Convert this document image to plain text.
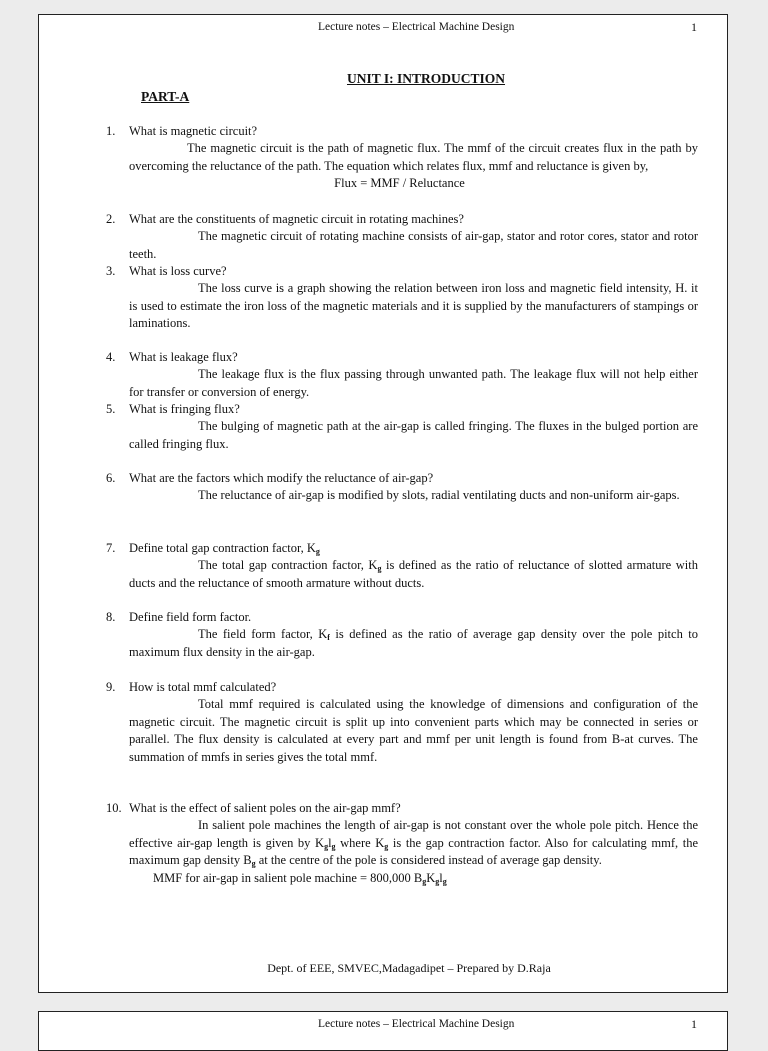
Lecture notes – Electrical Machine Design	1
UNIT I: INTRODUCTION
PART-A
1. What is magnetic circuit?
The magnetic circuit is the path of magnetic flux. The mmf of the circuit creates flux in the path by overcoming the reluctance of the path. The equation which relates flux, mmf and reluctance is given by,
Flux = MMF / Reluctance
2. What are the constituents of magnetic circuit in rotating machines?
The magnetic circuit of rotating machine consists of air-gap, stator and rotor cores, stator and rotor teeth.
3. What is loss curve?
The loss curve is a graph showing the relation between iron loss and magnetic field intensity, H. it is used to estimate the iron loss of the magnetic materials and it is supplied by the manufacturers of stampings or laminations.
4. What is leakage flux?
The leakage flux is the flux passing through unwanted path. The leakage flux will not help either for transfer or conversion of energy.
5. What is fringing flux?
The bulging of magnetic path at the air-gap is called fringing. The fluxes in the bulged portion are called fringing flux.
6. What are the factors which modify the reluctance of air-gap?
The reluctance of air-gap is modified by slots, radial ventilating ducts and non-uniform air-gaps.
7. Define total gap contraction factor, $K_g$
The total gap contraction factor, $K_g$ is defined as the ratio of reluctance of slotted armature with ducts and the reluctance of smooth armature without ducts.
8. Define field form factor.
The field form factor, $K_f$ is defined as the ratio of average gap density over the pole pitch to maximum flux density in the air-gap.
9. How is total mmf calculated?
Total mmf required is calculated using the knowledge of dimensions and configuration of the magnetic circuit. The magnetic circuit is split up into convenient parts which may be connected in series or parallel. The flux density is calculated at every part and mmf per unit length is found from B-at curves. The summation of mmfs in series gives the total mmf.
10. What is the effect of salient poles on the air-gap mmf?
In salient pole machines the length of air-gap is not constant over the whole pole pitch. Hence the effective air-gap length is given by $K_gl_g$ where $K_g$ is the gap contraction factor. Also for calculating mmf, the maximum gap density $B_g$ at the centre of the pole is considered instead of average gap density.
MMF for air-gap in salient pole machine = 800,000 $B_gK_gl_g$
Dept. of EEE, SMVEC,Madagadipet – Prepared by D.Raja
Lecture notes – Electrical Machine Design	1
